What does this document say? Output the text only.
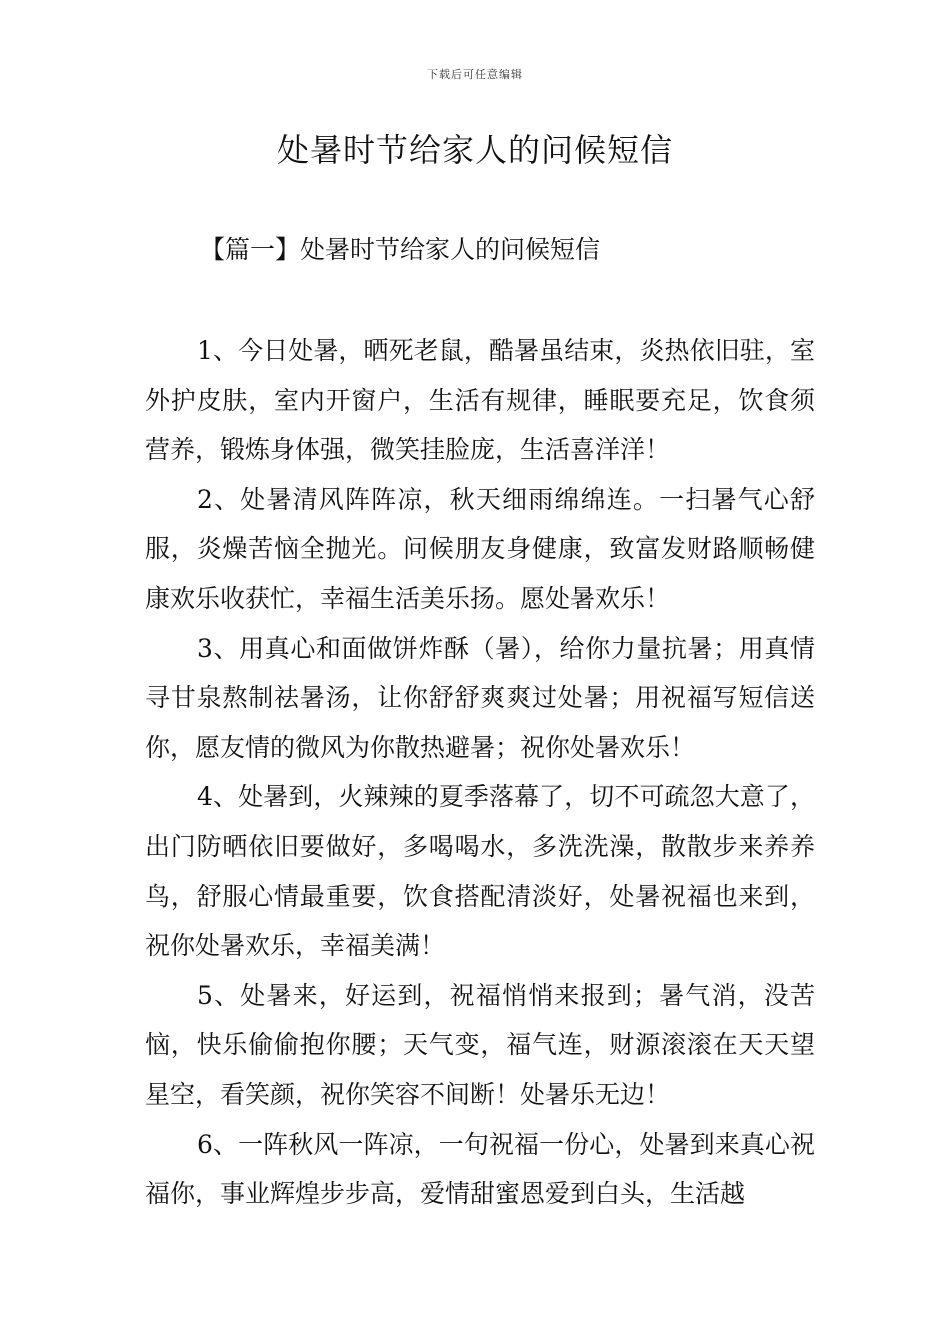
下载后可任意编辑
处暑时节给家人的问候短信
【篇一】处暑时节给家人的问候短信

1、今日处暑，晒死老鼠，酷暑虽结束，炎热依旧驻，室外护皮肤，室内开窗户，生活有规律，睡眠要充足，饮食须营养，锻炼身体强，微笑挂脸庞，生活喜洋洋！

2、处暑清风阵阵凉，秋天细雨绵绵连。一扫暑气心舒服，炎燥苦恼全抛光。问候朋友身健康，致富发财路顺畅健康欢乐收获忙，幸福生活美乐扬。愿处暑欢乐！

3、用真心和面做饼炸酥（暑），给你力量抗暑；用真情寻甘泉熬制祛暑汤，让你舒舒爽爽过处暑；用祝福写短信送你，愿友情的微风为你散热避暑；祝你处暑欢乐！

4、处暑到，火辣辣的夏季落幕了，切不可疏忽大意了，出门防晒依旧要做好，多喝喝水，多洗洗澡，散散步来养养鸟，舒服心情最重要，饮食搭配清淡好，处暑祝福也来到，祝你处暑欢乐，幸福美满！

5、处暑来，好运到，祝福悄悄来报到；暑气消，没苦恼，快乐偷偷抱你腰；天气变，福气连，财源滚滚在天天望星空，看笑颜，祝你笑容不间断！处暑乐无边！

6、一阵秋风一阵凉，一句祝福一份心，处暑到来真心祝福你，事业辉煌步步高，爱情甜蜜恩爱到白头，生活越
